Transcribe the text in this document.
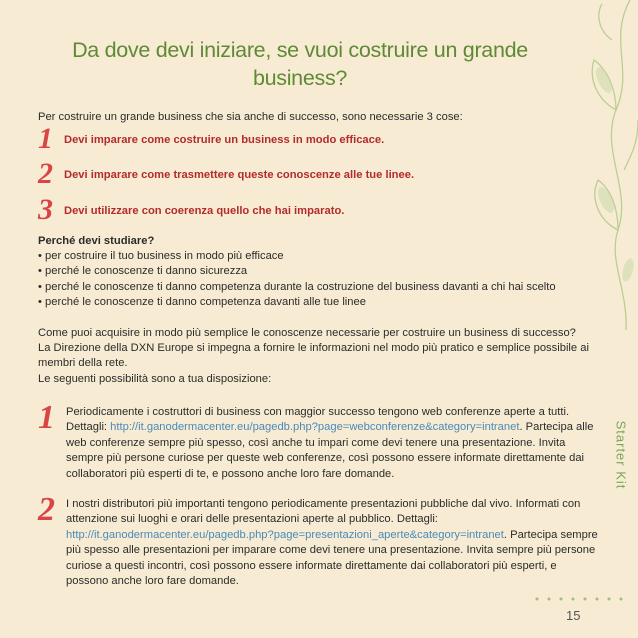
Da dove devi iniziare, se vuoi costruire un grande business?
Per costruire un grande business che sia anche di successo, sono necessarie 3 cose:
1 Devi imparare come costruire un business in modo efficace.
2 Devi imparare come trasmettere queste conoscenze alle tue linee.
3 Devi utilizzare con coerenza quello che hai imparato.

Perché devi studiare?

• per costruire il tuo business in modo più efficace

• perché le conoscenze ti danno sicurezza

• perché le conoscenze ti danno competenza durante la costruzione del business davanti a chi hai scelto

• perché le conoscenze ti danno competenza davanti alle tue linee

Come puoi acquisire in modo più semplice le conoscenze necessarie per costruire un business di successo?

La Direzione della DXN Europe si impegna a fornire le informazioni nel modo più pratico e semplice possibile ai membri della rete.

Le seguenti possibilità sono a tua disposizione:

1 Periodicamente i costruttori di business con maggior successo tengono web conferenze aperte a tutti. Dettagli: http://it.ganodermacenter.eu/pagedb.php?page=webconferenze&category=intranet. Partecipa alle web conferenze sempre più spesso, così anche tu impari come devi tenere una presentazione. Invita sempre più persone curiose per queste web conferenze, così possono essere informate direttamente dai collaboratori più esperti di te, e possono anche loro fare domande.
2 I nostri distributori più importanti tengono periodicamente presentazioni pubbliche dal vivo. Informati con attenzione sui luoghi e orari delle presentazioni aperte al pubblico. Dettagli: http://it.ganodermacenter.eu/pagedb.php?page=presentazioni_aperte&category=intranet. Partecipa sempre più spesso alle presentazioni per imparare come devi tenere una presentazione. Invita sempre più persone curiose a questi incontri, così possono essere informate direttamente dai collaboratori più esperti, e possono anche loro fare domande.
Starter Kit
15
